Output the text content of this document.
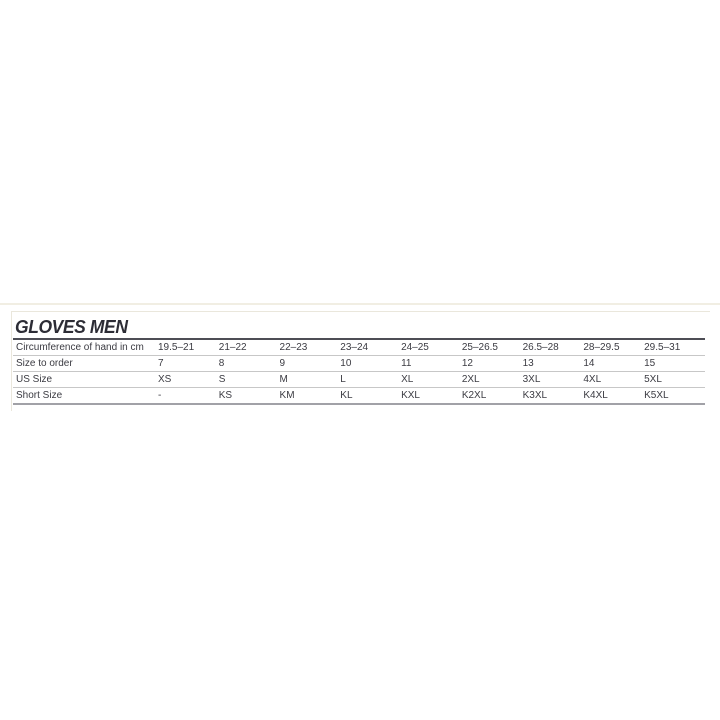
GLOVES MEN
Circumference of hand in cm	19.5–21	21–22	22–23	23–24	24–25	25–26.5	26.5–28	28–29.5	29.5–31
Size to order	7	8	9	10	11	12	13	14	15
US Size	XS	S	M	L	XL	2XL	3XL	4XL	5XL
Short Size	-	KS	KM	KL	KXL	K2XL	K3XL	K4XL	K5XL
